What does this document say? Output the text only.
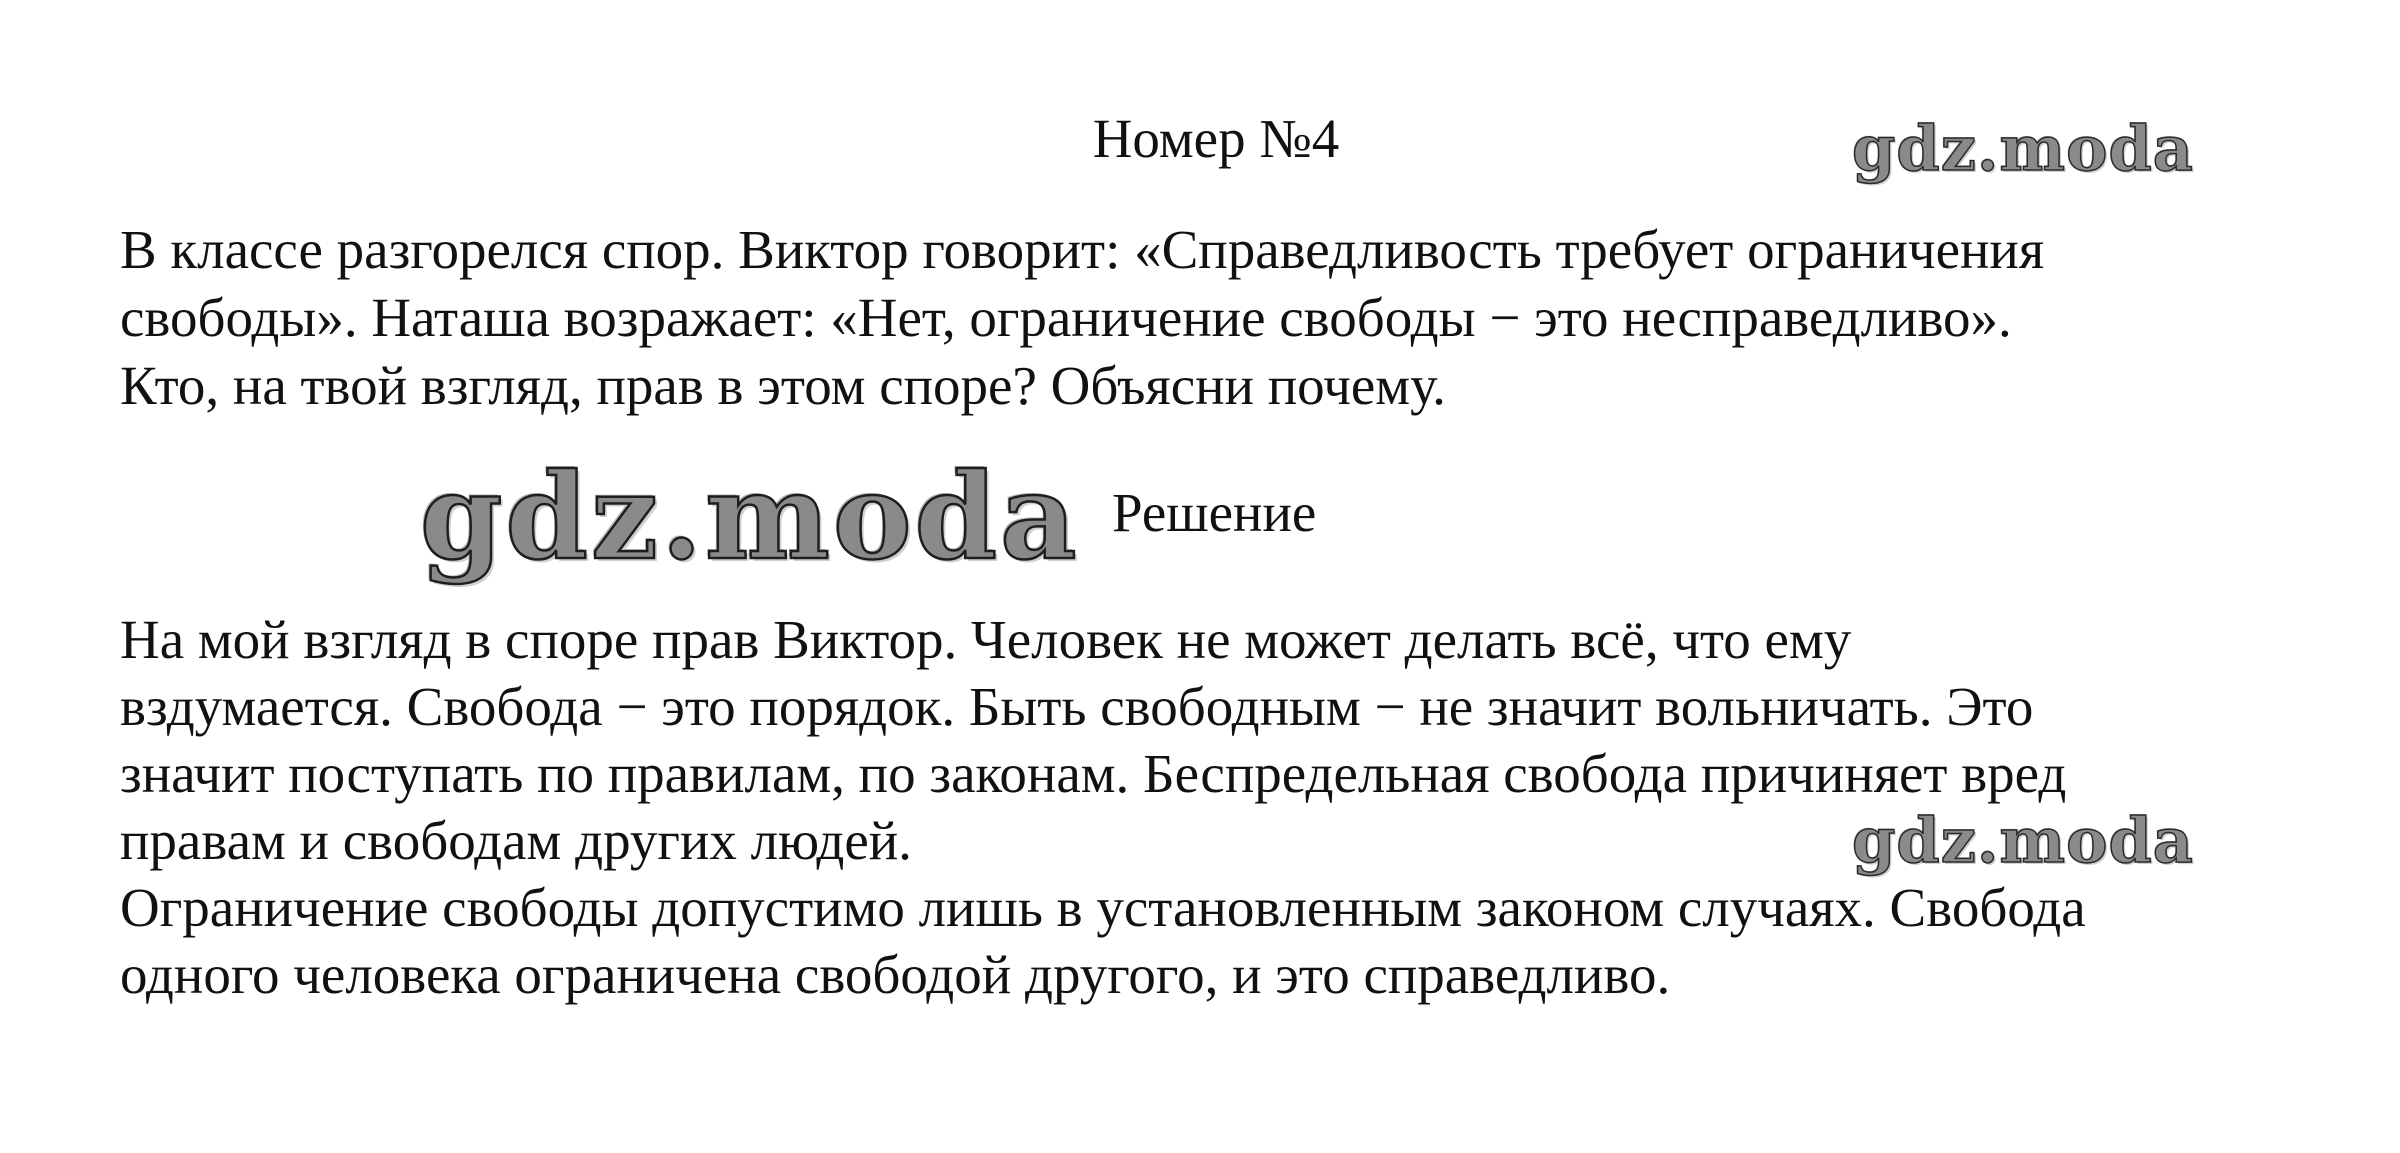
Номер №4	gdz.moda
В классе разгорелся спор. Виктор говорит: «Справедливость требует ограничения
свободы». Наташа возражает: «Нет, ограничение свободы − это несправедливо».
Кто, на твой взгляд, прав в этом споре? Объясни почему.
gdz.moda Решение
На мой взгляд в споре прав Виктор. Человек не может делать всё, что ему
вздумается. Свобода − это порядок. Быть свободным − не значит вольничать. Это
значит поступать по правилам, по законам. Беспредельная свобода причиняет вред
правам и свободам других людей.
Ограничение свободы допустимо лишь в установленным законом случаях. Свобода
одного человека ограничена свободой другого, и это справедливо.
gdz.moda
